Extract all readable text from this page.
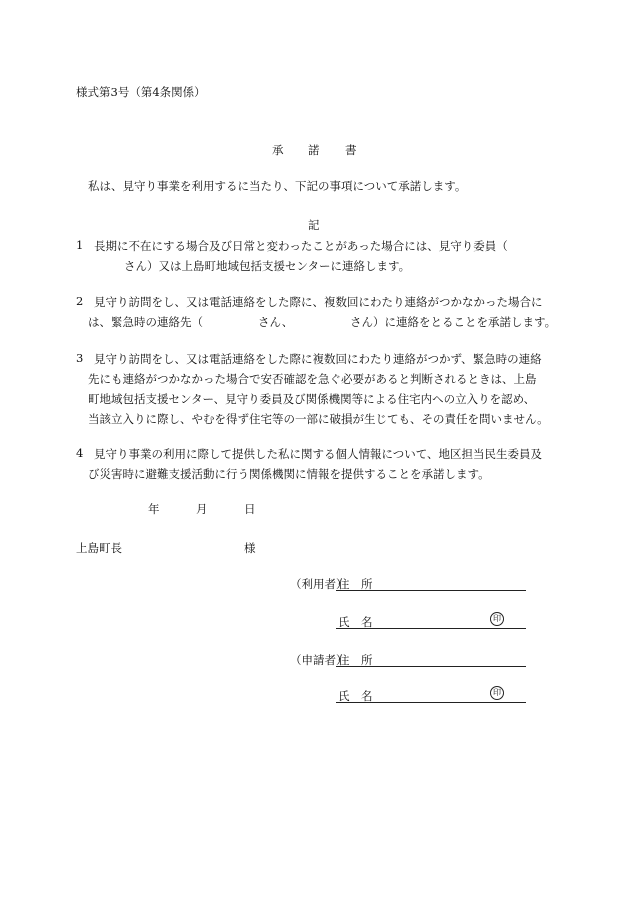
様式第3号（第4条関係）
承 諾 書
私は、見守り事業を利用するに当たり、下記の事項について承諾します。
記
1 長期に不在にする場合及び日常と変わったことがあった場合には、見守り委員（
さん）又は上島町地域包括支援センターに連絡します。
2 見守り訪問をし、又は電話連絡をした際に、複数回にわたり連絡がつかなかった場合に
は、緊急時の連絡先（	さん、	さん）に連絡をとることを承諾します。
3 見守り訪問をし、又は電話連絡をした際に複数回にわたり連絡がつかず、緊急時の連絡
先にも連絡がつかなかった場合で安否確認を急ぐ必要があると判断されるときは、上島
町地域包括支援センター、見守り委員及び関係機関等による住宅内への立入りを認め、
当該立入りに際し、やむを得ず住宅等の一部に破損が生じても、その責任を問いません。
4 見守り事業の利用に際して提供した私に関する個人情報について、地区担当民生委員及
び災害時に避難支援活動に行う関係機関に情報を提供することを承諾します。
年	月	日
上島町長	様
（利用者）
住　所
氏　名	印
（申請者）
住　所
氏　名	印
